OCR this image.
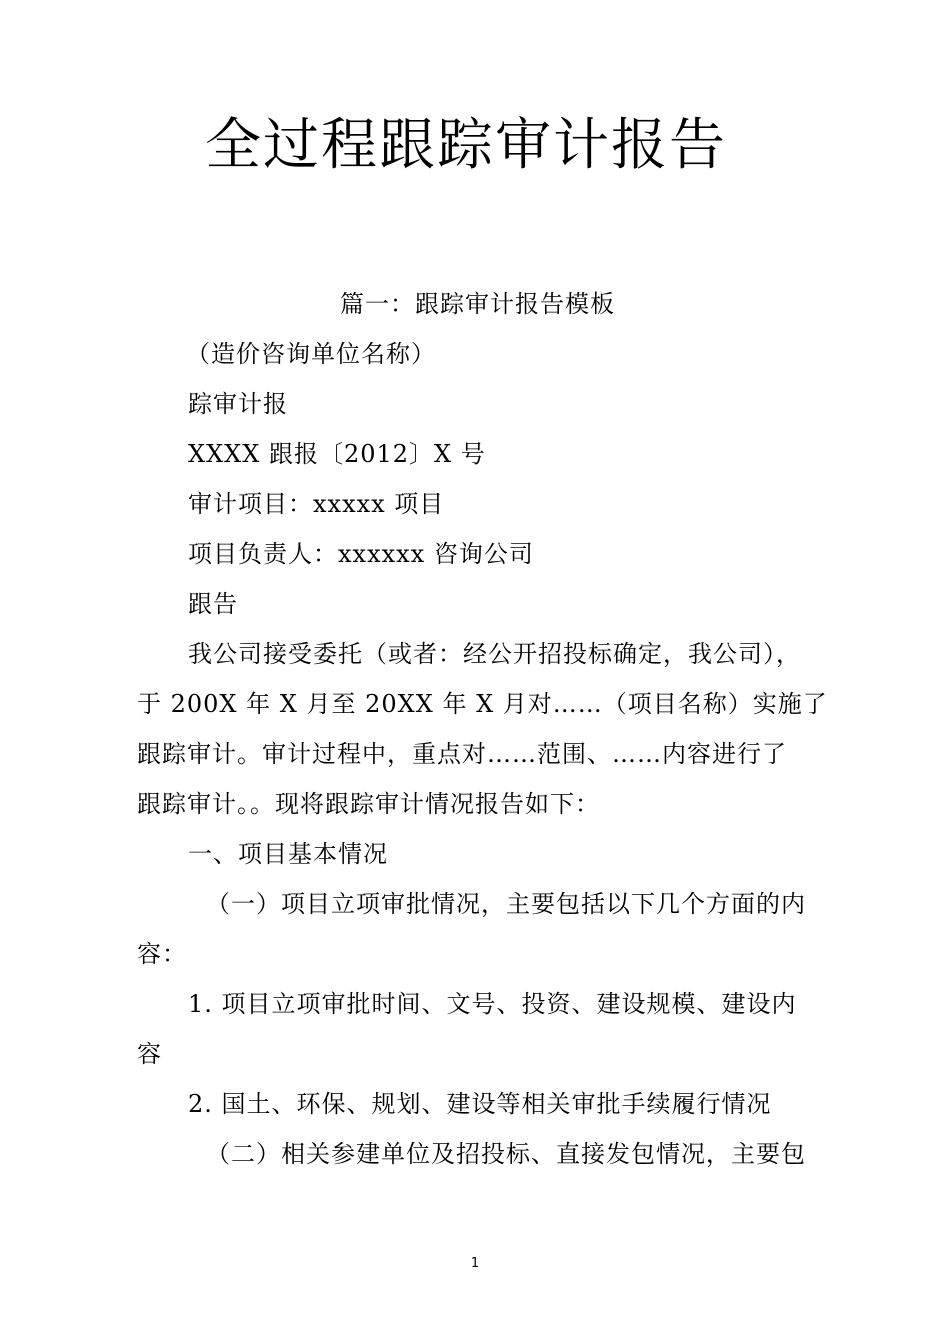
全过程跟踪审计报告
篇一：跟踪审计报告模板
（造价咨询单位名称）
踪审计报
XXXX 跟报〔2012〕X 号
审计项目：xxxxx 项目
项目负责人：xxxxxx 咨询公司
跟告
我公司接受委托（或者：经公开招投标确定，我公司），
于 200X 年 X 月至 20XX 年 X 月对……（项目名称）实施了
跟踪审计。审计过程中，重点对……范围、……内容进行了
跟踪审计。。现将跟踪审计情况报告如下：
一、项目基本情况
（一）项目立项审批情况，主要包括以下几个方面的内
容：
1. 项目立项审批时间、文号、投资、建设规模、建设内
容
2. 国土、环保、规划、建设等相关审批手续履行情况
（二）相关参建单位及招投标、直接发包情况，主要包
1
